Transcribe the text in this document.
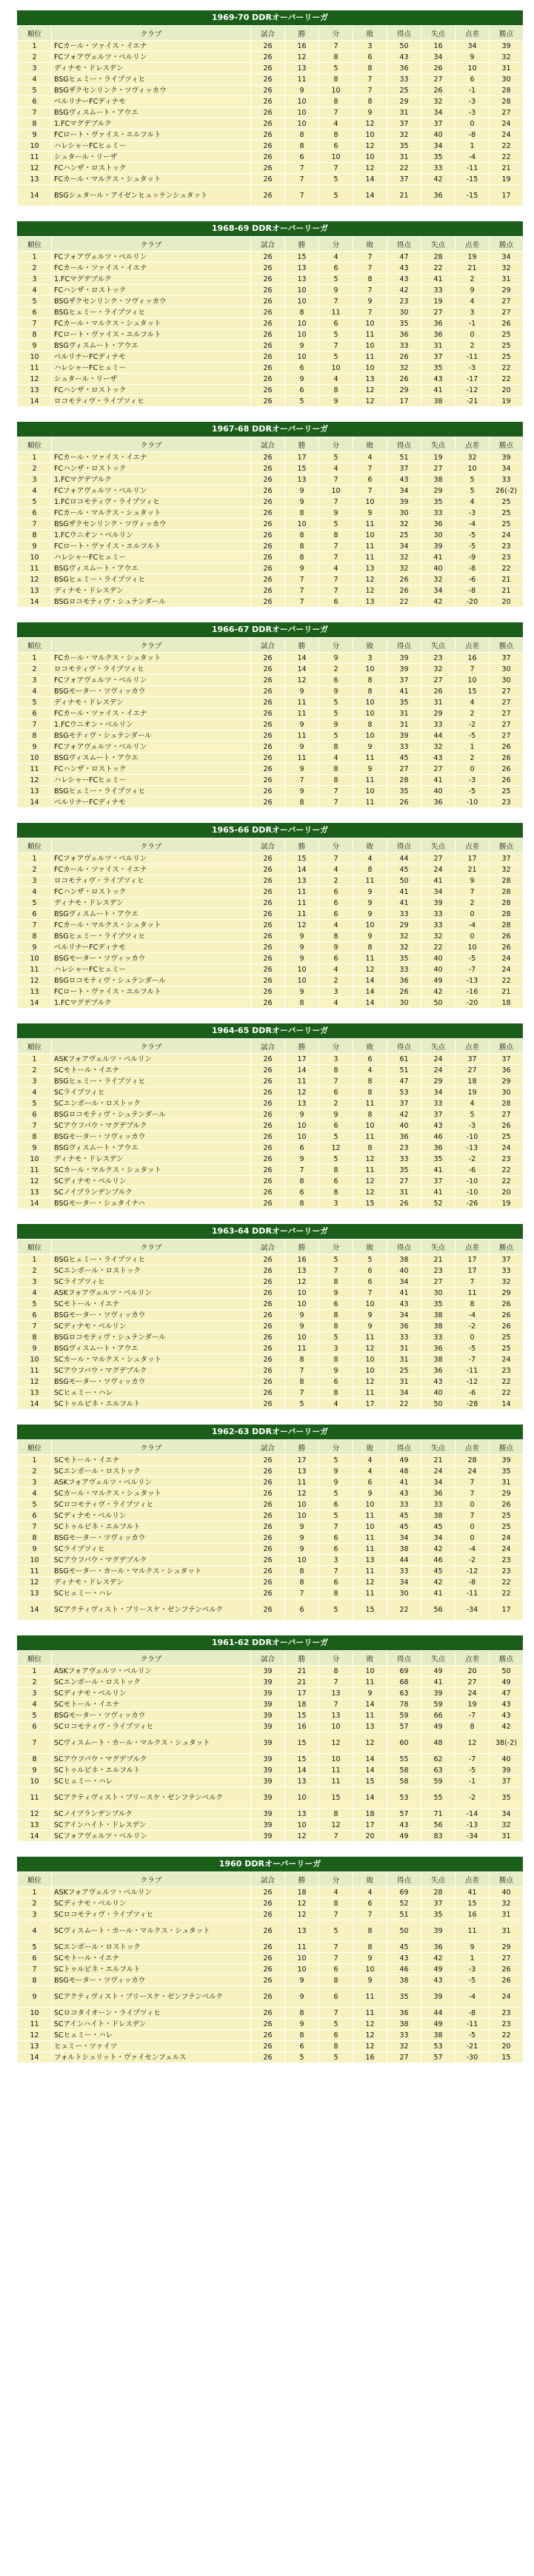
1969-70 DDRオーバーリーガ
順位	クラブ	試合	勝	分	敗	得点	失点	点差	勝点
1	FCカール・ツァイス・イエナ	26	16	7	3	50	16	34	39
2	FCフォアヴェルツ・ベルリン	26	12	8	6	43	34	9	32
3	ディナモ・ドレスデン	26	13	5	8	36	26	10	31
4	BSGヒェミー・ライプツィヒ	26	11	8	7	33	27	6	30
5	BSGザクセンリンク・ツヴィッカウ	26	9	10	7	25	26	-1	28
6	ベルリナーFCディナモ	26	10	8	8	29	32	-3	28
7	BSGヴィスムート・アウエ	26	10	7	9	31	34	-3	27
8	1.FCマグデブルク	26	10	4	12	37	37	0	24
9	FCロート・ヴァイス・エルフルト	26	8	8	10	32	40	-8	24
10	ハレシャーFCヒェミー	26	8	6	12	35	34	1	22
11	シュタール・リーザ	26	6	10	10	31	35	-4	22
12	FCハンザ・ロストック	26	7	7	12	22	33	-11	21
13	FCカール・マルクス・シュタット	26	7	5	14	37	42	-15	19
14	BSGシュタール・アイゼンヒュッテンシュタット	26	7	5	14	21	36	-15	17
1968-69 DDRオーバーリーガ
順位	クラブ	試合	勝	分	敗	得点	失点	点差	勝点
1	FCフォアヴェルツ・ベルリン	26	15	4	7	47	28	19	34
2	FCカール・ツァイス・イエナ	26	13	6	7	43	22	21	32
3	1.FCマグデブルク	26	13	5	8	43	41	2	31
4	FCハンザ・ロストック	26	10	9	7	42	33	9	29
5	BSGザクセンリンク・ツヴィッカウ	26	10	7	9	23	19	4	27
6	BSGヒェミー・ライプツィヒ	26	8	11	7	30	27	3	27
7	FCカール・マルクス・シュタット	26	10	6	10	35	36	-1	26
8	FCロート・ヴァイス・エルフルト	26	10	5	11	36	36	0	25
9	BSGヴィスムート・アウエ	26	9	7	10	33	31	2	25
10	ベルリナーFCディナモ	26	10	5	11	26	37	-11	25
11	ハレシャーFCヒェミー	26	6	10	10	32	35	-3	22
12	シュタール・リーザ	26	9	4	13	26	43	-17	22
13	FCハンザ・ロストック	26	6	8	12	29	41	-12	20
14	ロコモティヴ・ライプツィヒ	26	5	9	12	17	38	-21	19
1967-68 DDRオーバーリーガ
順位	クラブ	試合	勝	分	敗	得点	失点	点差	勝点
1	FCカール・ツァイス・イエナ	26	17	5	4	51	19	32	39
2	FCハンザ・ロストック	26	15	4	7	37	27	10	34
3	1.FCマグデブルク	26	13	7	6	43	38	5	33
4	FCフォアヴェルツ・ベルリン	26	9	10	7	34	29	5	26(-2)
5	1.FCロコモティヴ・ライプツィヒ	26	9	7	10	39	35	4	25
6	FCカール・マルクス・シュタット	26	8	9	9	30	33	-3	25
7	BSGザクセンリンク・ツヴィッカウ	26	10	5	11	32	36	-4	25
8	1.FCウニオン・ベルリン	26	8	8	10	25	30	-5	24
9	FCロート・ヴァイス・エルフルト	26	8	7	11	34	39	-5	23
10	ハレシャーFCヒェミー	26	8	7	11	32	41	-9	23
11	BSGヴィスムート・アウエ	26	9	4	13	32	40	-8	22
12	BSGヒェミー・ライプツィヒ	26	7	7	12	26	32	-6	21
13	ディナモ・ドレスデン	26	7	7	12	26	34	-8	21
14	BSGロコモティヴ・シュテンダール	26	7	6	13	22	42	-20	20
1966-67 DDRオーバーリーガ
順位	クラブ	試合	勝	分	敗	得点	失点	点差	勝点
1	FCカール・マルクス・シュタット	26	14	9	3	39	23	16	37
2	ロコモティヴ・ライプツィヒ	26	14	2	10	39	32	7	30
3	FCフォアヴェルツ・ベルリン	26	12	6	8	37	27	10	30
4	BSGモーター・ツヴィッカウ	26	9	9	8	41	26	15	27
5	ディナモ・ドレスデン	26	11	5	10	35	31	4	27
6	FCカール・ツァイス・イエナ	26	11	5	10	31	29	2	27
7	1.FCウニオン・ベルリン	26	9	9	8	31	33	-2	27
8	BSGモティヴ・シュテンダール	26	11	5	10	39	44	-5	27
9	FCフォアヴェルツ・ベルリン	26	9	8	9	33	32	1	26
10	BSGヴィスムート・アウエ	26	11	4	11	45	43	2	26
11	FCハンザ・ロストック	26	9	8	9	27	27	0	26
12	ハレシャーFCヒェミー	26	7	8	11	28	41	-3	26
13	BSGヒェミー・ライプツィヒ	26	9	7	10	35	40	-5	25
14	ベルリナーFCディナモ	26	8	7	11	26	36	-10	23
1965-66 DDRオーバーリーガ
順位	クラブ	試合	勝	分	敗	得点	失点	点差	勝点
1	FCフォアヴェルツ・ベルリン	26	15	7	4	44	27	17	37
2	FCカール・ツァイス・イエナ	26	14	4	8	45	24	21	32
3	ロコモティヴ・ライプツィヒ	26	13	2	11	50	41	9	28
4	FCハンザ・ロストック	26	11	6	9	41	34	7	28
5	ディナモ・ドレスデン	26	11	6	9	41	39	2	28
6	BSGヴィスムート・アウエ	26	11	6	9	33	33	0	28
7	FCカール・マルクス・シュタット	26	12	4	10	29	33	-4	28
8	BSGヒェミー・ライプツィヒ	26	9	8	9	32	32	0	26
9	ベルリナーFCディナモ	26	9	9	8	32	22	10	26
10	BSGモーター・ツヴィッカウ	26	9	6	11	35	40	-5	24
11	ハレシャーFCヒェミー	26	10	4	12	33	40	-7	24
12	BSGロコモティヴ・シュテンダール	26	10	2	14	36	49	-13	22
13	FCロート・ヴァイス・エルフルト	26	9	3	14	26	42	-16	21
14	1.FCマグデブルク	26	8	4	14	30	50	-20	18
1964-65 DDRオーバーリーガ
順位	クラブ	試合	勝	分	敗	得点	失点	点差	勝点
1	ASKフォアヴェルツ・ベルリン	26	17	3	6	61	24	37	37
2	SCモトール・イエナ	26	14	8	4	51	24	27	36
3	BSGヒェミー・ライプツィヒ	26	11	7	8	47	29	18	29
4	SCライプツィヒ	26	12	6	8	53	34	19	30
5	SCエンポール・ロストック	26	13	2	11	37	33	4	28
6	BSGロコモティヴ・シュテンダール	26	9	9	8	42	37	5	27
7	SCアウフバウ・マグデブルク	26	10	6	10	40	43	-3	26
8	BSGモーター・ツヴィッカウ	26	10	5	11	36	46	-10	25
9	BSGヴィスムート・アウエ	26	6	12	8	23	36	-13	24
10	ディナモ・ドレスデン	26	9	5	12	33	35	-2	23
11	SCカール・マルクス・シュタット	26	7	8	11	35	41	-6	22
12	SCディナモ・ベルリン	26	8	6	12	27	37	-10	22
13	SCノイブランデンブルク	26	6	8	12	31	41	-10	20
14	BSGモーター・シュタイナハ	26	8	3	15	26	52	-26	19
1963-64 DDRオーバーリーガ
順位	クラブ	試合	勝	分	敗	得点	失点	点差	勝点
1	BSGヒェミー・ライプツィヒ	26	16	5	5	38	21	17	37
2	SCエンポール・ロストック	26	13	7	6	40	23	17	33
3	SCライプツィヒ	26	12	8	6	34	27	7	32
4	ASKフォアヴェルツ・ベルリン	26	10	9	7	41	30	11	29
5	SCモトール・イエナ	26	10	6	10	43	35	8	26
6	BSGモーター・ツヴィッカウ	26	9	8	9	34	38	-4	26
7	SCディナモ・ベルリン	26	9	8	9	36	38	-2	26
8	BSGロコモティヴ・シュテンダール	26	10	5	11	33	33	0	25
9	BSGヴィスムート・アウエ	26	11	3	12	31	36	-5	25
10	SCカール・マルクス・シュタット	26	8	8	10	31	38	-7	24
11	SCアウフバウ・マグデブルク	26	7	9	10	25	36	-11	23
12	BSGモーター・ツヴィッカウ	26	8	6	12	31	43	-12	22
13	SCヒェミー・ハレ	26	7	8	11	34	40	-6	22
14	SCトゥルビネ・エルフルト	26	5	4	17	22	50	-28	14
1962-63 DDRオーバーリーガ
順位	クラブ	試合	勝	分	敗	得点	失点	点差	勝点
1	SCモトール・イエナ	26	17	5	4	49	21	28	39
2	SCエンポール・ロストック	26	13	9	4	48	24	24	35
3	ASKフォアヴェルツ・ベルリン	26	11	9	6	41	34	7	31
4	SCカール・マルクス・シュタット	26	12	5	9	43	36	7	29
5	SCロコモティヴ・ライプツィヒ	26	10	6	10	33	33	0	26
6	SCディナモ・ベルリン	26	10	5	11	45	38	7	25
7	SCトゥルビネ・エルフルト	26	9	7	10	45	45	0	25
8	BSGモーター・ツヴィッカウ	26	9	6	11	34	34	0	24
9	SCライプツィヒ	26	9	6	11	38	42	-4	24
10	SCアウフバウ・マグデブルク	26	10	3	13	44	46	-2	23
11	BSGモーター・カール・マルクス・シュタット	26	8	7	11	33	45	-12	23
12	ディナモ・ドレスデン	26	8	6	12	34	42	-8	22
13	SCヒェミー・ハレ	26	7	8	11	30	41	-11	22
14	SCアクティヴィスト・ブリースケ・ゼンフテンベルク	26	6	5	15	22	56	-34	17
1961-62 DDRオーバーリーガ
順位	クラブ	試合	勝	分	敗	得点	失点	点差	勝点
1	ASKフォアヴェルツ・ベルリン	39	21	8	10	69	49	20	50
2	SCエンポール・ロストック	39	21	7	11	68	41	27	49
3	SCディナモ・ベルリン	39	17	13	9	63	39	24	47
4	SCモトール・イエナ	39	18	7	14	78	59	19	43
5	BSGモーター・ツヴィッカウ	39	15	13	11	59	66	-7	43
6	SCロコモティヴ・ライプツィヒ	39	16	10	13	57	49	8	42
7	SCヴィスムート・カール・マルクス・シュタット	39	15	12	12	60	48	12	38(-2)
8	SCアウフバウ・マグデブルク	39	15	10	14	55	62	-7	40
9	SCトゥルビネ・エルフルト	39	14	11	14	58	63	-5	39
10	SCヒェミー・ハレ	39	13	11	15	58	59	-1	37
11	SCアクティヴィスト・ブリースケ・ゼンフテンベルク	39	10	15	14	53	55	-2	35
12	SCノイブランデンブルク	39	13	8	18	57	71	-14	34
13	SCアインハイト・ドレスデン	39	10	12	17	43	56	-13	32
14	SCフォアヴェルツ・ベルリン	39	12	7	20	49	83	-34	31
1960 DDRオーバーリーガ
順位	クラブ	試合	勝	分	敗	得点	失点	点差	勝点
1	ASKフォアヴェルツ・ベルリン	26	18	4	4	69	28	41	40
2	SCディナモ・ベルリン	26	12	8	6	52	37	15	32
3	SCロコモティヴ・ライプツィヒ	26	12	7	7	51	35	16	31
4	SCヴィスムート・カール・マルクス・シュタット	26	13	5	8	50	39	11	31
5	SCエンポール・ロストック	26	11	7	8	45	36	9	29
6	SCモトール・イエナ	26	10	7	9	43	42	1	27
7	SCトゥルビネ・エルフルト	26	10	6	10	46	49	-3	26
8	BSGモーター・ツヴィッカウ	26	9	8	9	38	43	-5	26
9	SCアクティヴィスト・ブリースケ・ゼンフテンベルク	26	9	6	11	35	39	-4	24
10	SCロコタイオーン・ライプツィヒ	26	8	7	11	36	44	-8	23
11	SCアインハイト・ドレスデン	26	9	5	12	38	49	-11	23
12	SCヒェミー・ハレ	26	8	6	12	33	38	-5	22
13	ヒェミー・ツァイツ	26	6	8	12	32	53	-21	20
14	フォルトシュリット・ヴァイセンフェルス	26	5	5	16	27	57	-30	15
